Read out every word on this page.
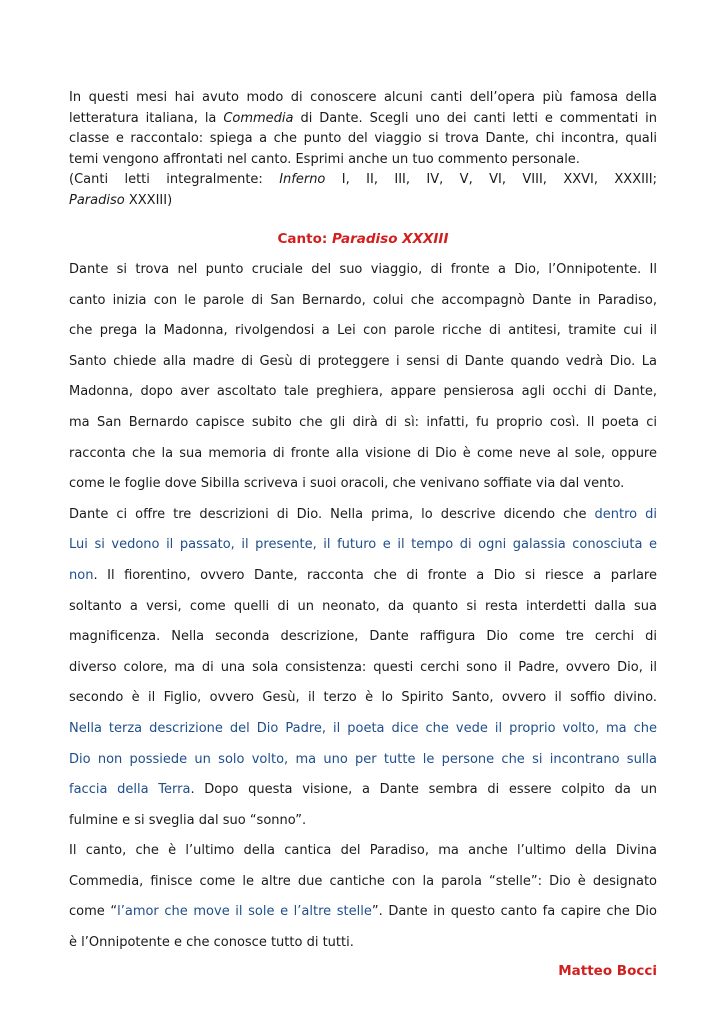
In questi mesi hai avuto modo di conoscere alcuni canti dell’opera più famosa della
letteratura italiana, la Commedia di Dante. Scegli uno dei canti letti e commentati in
classe e raccontalo: spiega a che punto del viaggio si trova Dante, chi incontra, quali
temi vengono affrontati nel canto. Esprimi anche un tuo commento personale.
(Canti letti integralmente: Inferno I, II, III, IV, V, VI, VIII, XXVI, XXXIII;
Paradiso XXXIII)

Canto: Paradiso XXXIII

Dante si trova nel punto cruciale del suo viaggio, di fronte a Dio, l’Onnipotente. Il
canto inizia con le parole di San Bernardo, colui che accompagnò Dante in Paradiso,
che prega la Madonna, rivolgendosi a Lei con parole ricche di antitesi, tramite cui il
Santo chiede alla madre di Gesù di proteggere i sensi di Dante quando vedrà Dio. La
Madonna, dopo aver ascoltato tale preghiera, appare pensierosa agli occhi di Dante,
ma San Bernardo capisce subito che gli dirà di sì: infatti, fu proprio così. Il poeta ci
racconta che la sua memoria di fronte alla visione di Dio è come neve al sole, oppure
come le foglie dove Sibilla scriveva i suoi oracoli, che venivano soffiate via dal vento.

Dante ci offre tre descrizioni di Dio. Nella prima, lo descrive dicendo che dentro di
Lui si vedono il passato, il presente, il futuro e il tempo di ogni galassia conosciuta e
non. Il fiorentino, ovvero Dante, racconta che di fronte a Dio si riesce a parlare
soltanto a versi, come quelli di un neonato, da quanto si resta interdetti dalla sua
magnificenza. Nella seconda descrizione, Dante raffigura Dio come tre cerchi di
diverso colore, ma di una sola consistenza: questi cerchi sono il Padre, ovvero Dio, il
secondo è il Figlio, ovvero Gesù, il terzo è lo Spirito Santo, ovvero il soffio divino.
Nella terza descrizione del Dio Padre, il poeta dice che vede il proprio volto, ma che
Dio non possiede un solo volto, ma uno per tutte le persone che si incontrano sulla
faccia della Terra. Dopo questa visione, a Dante sembra di essere colpito da un
fulmine e si sveglia dal suo “sonno”.

Il canto, che è l’ultimo della cantica del Paradiso, ma anche l’ultimo della Divina
Commedia, finisce come le altre due cantiche con la parola “stelle”: Dio è designato
come “l’amor che move il sole e l’altre stelle”. Dante in questo canto fa capire che Dio
è l’Onnipotente e che conosce tutto di tutti.

Matteo Bocci
